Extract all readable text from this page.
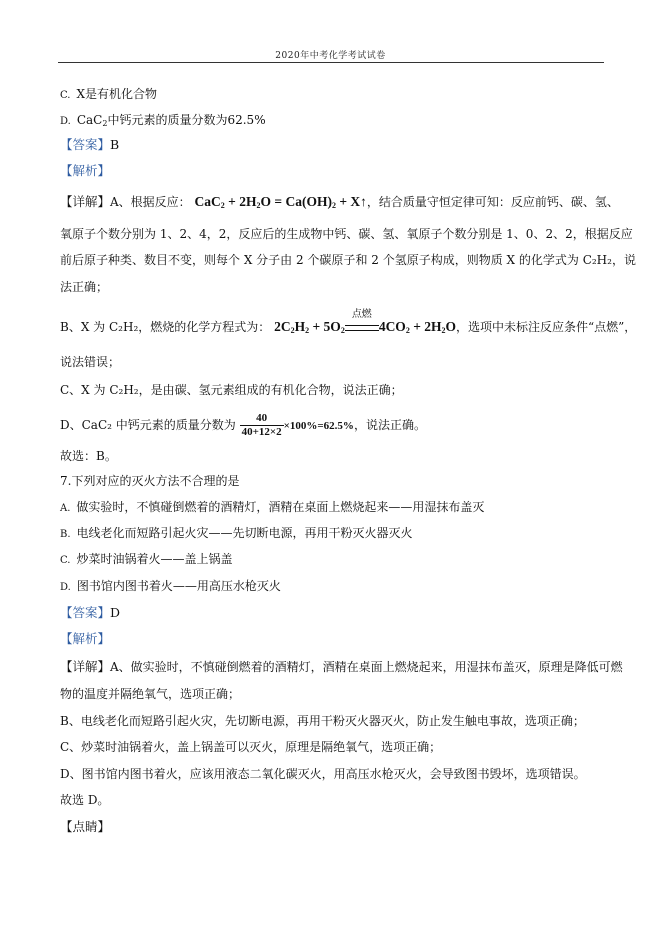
2020年中考化学考试试卷
C. X是有机化合物
D. CaC$_2$中钙元素的质量分数为62.5%
【答案】B
【解析】
【详解】A、根据反应： $CaC_2 + 2H_2O = Ca(OH)_2$ + X↑，结合质量守恒定律可知：反应前钙、碳、氢、
氧原子个数分别为 1、2、4，2，反应后的生成物中钙、碳、氢、氧原子个数分别是 1、0、2、2，根据反应
前后原子种类、数目不变，则每个 X 分子由 2 个碳原子和 2 个氢原子构成，则物质 X 的化学式为 C₂H₂，说
法正确；
B、X 为 C₂H₂，燃烧的化学方程式为： $2C_2H_2 + 5O_2$
点燃
$4CO_2 + 2H_2O$，选项中未标注反应条件“点燃”，
说法错误；
C、X 为 C₂H₂，是由碳、氢元素组成的有机化合物，说法正确；
D、CaC₂ 中钙元素的质量分数为 $\frac{40}{40+12\times 2} \times 100\%=62.5\%$，说法正确。
故选：B。
7.下列对应的灭火方法不合理的是
A. 做实验时，不慎碰倒燃着的酒精灯，酒精在桌面上燃烧起来——用湿抹布盖灭
B. 电线老化而短路引起火灾——先切断电源，再用干粉灭火器灭火
C. 炒菜时油锅着火——盖上锅盖
D. 图书馆内图书着火——用高压水枪灭火
【答案】D
【解析】
【详解】A、做实验时，不慎碰倒燃着的酒精灯，酒精在桌面上燃烧起来，用湿抹布盖灭，原理是降低可燃
物的温度并隔绝氧气，选项正确；
B、电线老化而短路引起火灾，先切断电源，再用干粉灭火器灭火，防止发生触电事故，选项正确；
C、炒菜时油锅着火，盖上锅盖可以灭火，原理是隔绝氧气，选项正确；
D、图书馆内图书着火，应该用液态二氧化碳灭火，用高压水枪灭火，会导致图书毁坏，选项错误。
故选 D。
【点睛】
